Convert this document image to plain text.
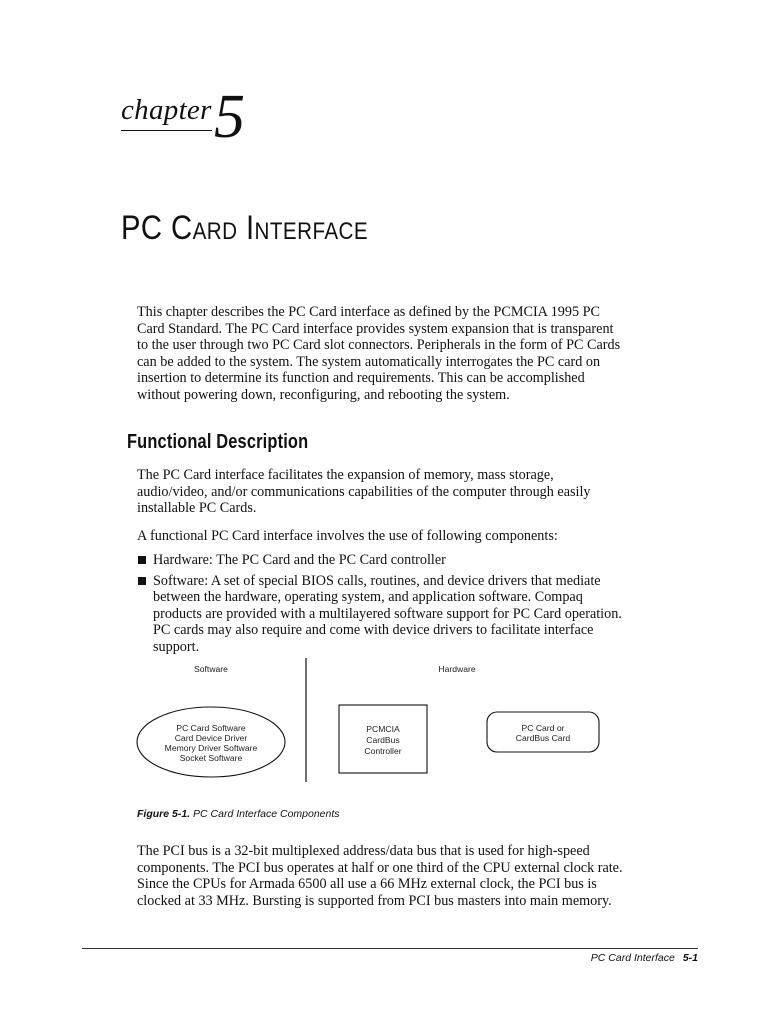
chapter 5
PC Card Interface
This chapter describes the PC Card interface as defined by the PCMCIA 1995 PC Card Standard. The PC Card interface provides system expansion that is transparent to the user through two PC Card slot connectors. Peripherals in the form of PC Cards can be added to the system. The system automatically interrogates the PC card on insertion to determine its function and requirements. This can be accomplished without powering down, reconfiguring, and rebooting the system.
Functional Description
The PC Card interface facilitates the expansion of memory, mass storage, audio/video, and/or communications capabilities of the computer through easily installable PC Cards.
A functional PC Card interface involves the use of following components:
Hardware: The PC Card and the PC Card controller
Software: A set of special BIOS calls, routines, and device drivers that mediate between the hardware, operating system, and application software. Compaq products are provided with a multilayered software support for PC Card operation. PC cards may also require and come with device drivers to facilitate interface support.
Software	Hardware
PC Card Software
Card Device Driver
Memory Driver Software
Socket Software
PCMCIA
CardBus
Controller
PC Card or
CardBus Card
Figure 5-1. PC Card Interface Components
The PCI bus is a 32-bit multiplexed address/data bus that is used for high-speed components. The PCI bus operates at half or one third of the CPU external clock rate. Since the CPUs for Armada 6500 all use a 66 MHz external clock, the PCI bus is clocked at 33 MHz. Bursting is supported from PCI bus masters into main memory.
PC Card Interface 5-1
